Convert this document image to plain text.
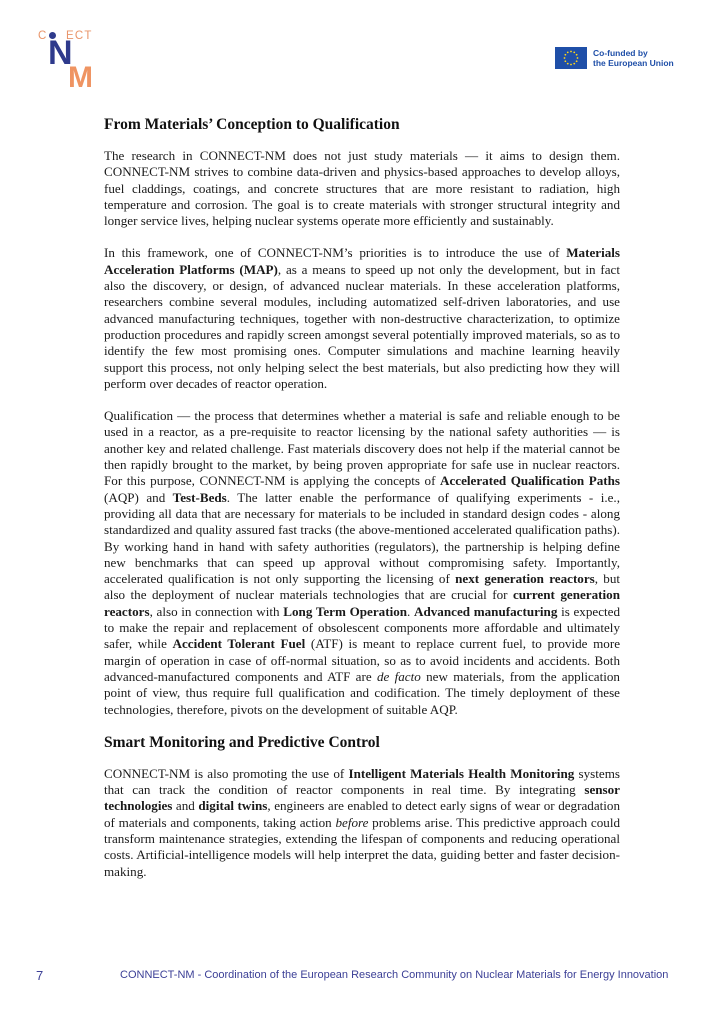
C ECT
N
M
Co-funded by
the European Union
From Materials’ Conception to Qualification

The research in CONNECT-NM does not just study materials — it aims to design them. CONNECT-NM strives to combine data-driven and physics-based approaches to develop alloys, fuel claddings, coatings, and concrete structures that are more resistant to radiation, high temperature and corrosion. The goal is to create materials with stronger structural integrity and longer service lives, helping nuclear systems operate more efficiently and sustainably.

In this framework, one of CONNECT-NM’s priorities is to introduce the use of Materials Acceleration Platforms (MAP), as a means to speed up not only the development, but in fact also the discovery, or design, of advanced nuclear materials. In these acceleration platforms, researchers combine several modules, including automatized self-driven laboratories, and use advanced manufacturing techniques, together with non-destructive characterization, to optimize production procedures and rapidly screen amongst several potentially improved materials, so as to identify the few most promising ones. Computer simulations and machine learning heavily support this process, not only helping select the best materials, but also predicting how they will perform over decades of reactor operation.

Qualification — the process that determines whether a material is safe and reliable enough to be used in a reactor, as a pre-requisite to reactor licensing by the national safety authorities — is another key and related challenge. Fast materials discovery does not help if the material cannot be then rapidly brought to the market, by being proven appropriate for safe use in nuclear reactors. For this purpose, CONNECT-NM is applying the concepts of Accelerated Qualification Paths (AQP) and Test-Beds. The latter enable the performance of qualifying experiments - i.e., providing all data that are necessary for materials to be included in standard design codes - along standardized and quality assured fast tracks (the above-mentioned accelerated qualification paths). By working hand in hand with safety authorities (regulators), the partnership is helping define new benchmarks that can speed up approval without compromising safety. Importantly, accelerated qualification is not only supporting the licensing of next generation reactors, but also the deployment of nuclear materials technologies that are crucial for current generation reactors, also in connection with Long Term Operation. Advanced manufacturing is expected to make the repair and replacement of obsolescent components more affordable and ultimately safer, while Accident Tolerant Fuel (ATF) is meant to replace current fuel, to provide more margin of operation in case of off-normal situation, so as to avoid incidents and accidents. Both advanced-manufactured components and ATF are de facto new materials, from the application point of view, thus require full qualification and codification. The timely deployment of these technologies, therefore, pivots on the development of suitable AQP.

Smart Monitoring and Predictive Control

CONNECT-NM is also promoting the use of Intelligent Materials Health Monitoring systems that can track the condition of reactor components in real time. By integrating sensor technologies and digital twins, engineers are enabled to detect early signs of wear or degradation of materials and components, taking action before problems arise. This predictive approach could transform maintenance strategies, extending the lifespan of components and reducing operational costs. Artificial-intelligence models will help interpret the data, guiding better and faster decision-making.

7	CONNECT-NM - Coordination of the European Research Community on Nuclear Materials for Energy Innovation
